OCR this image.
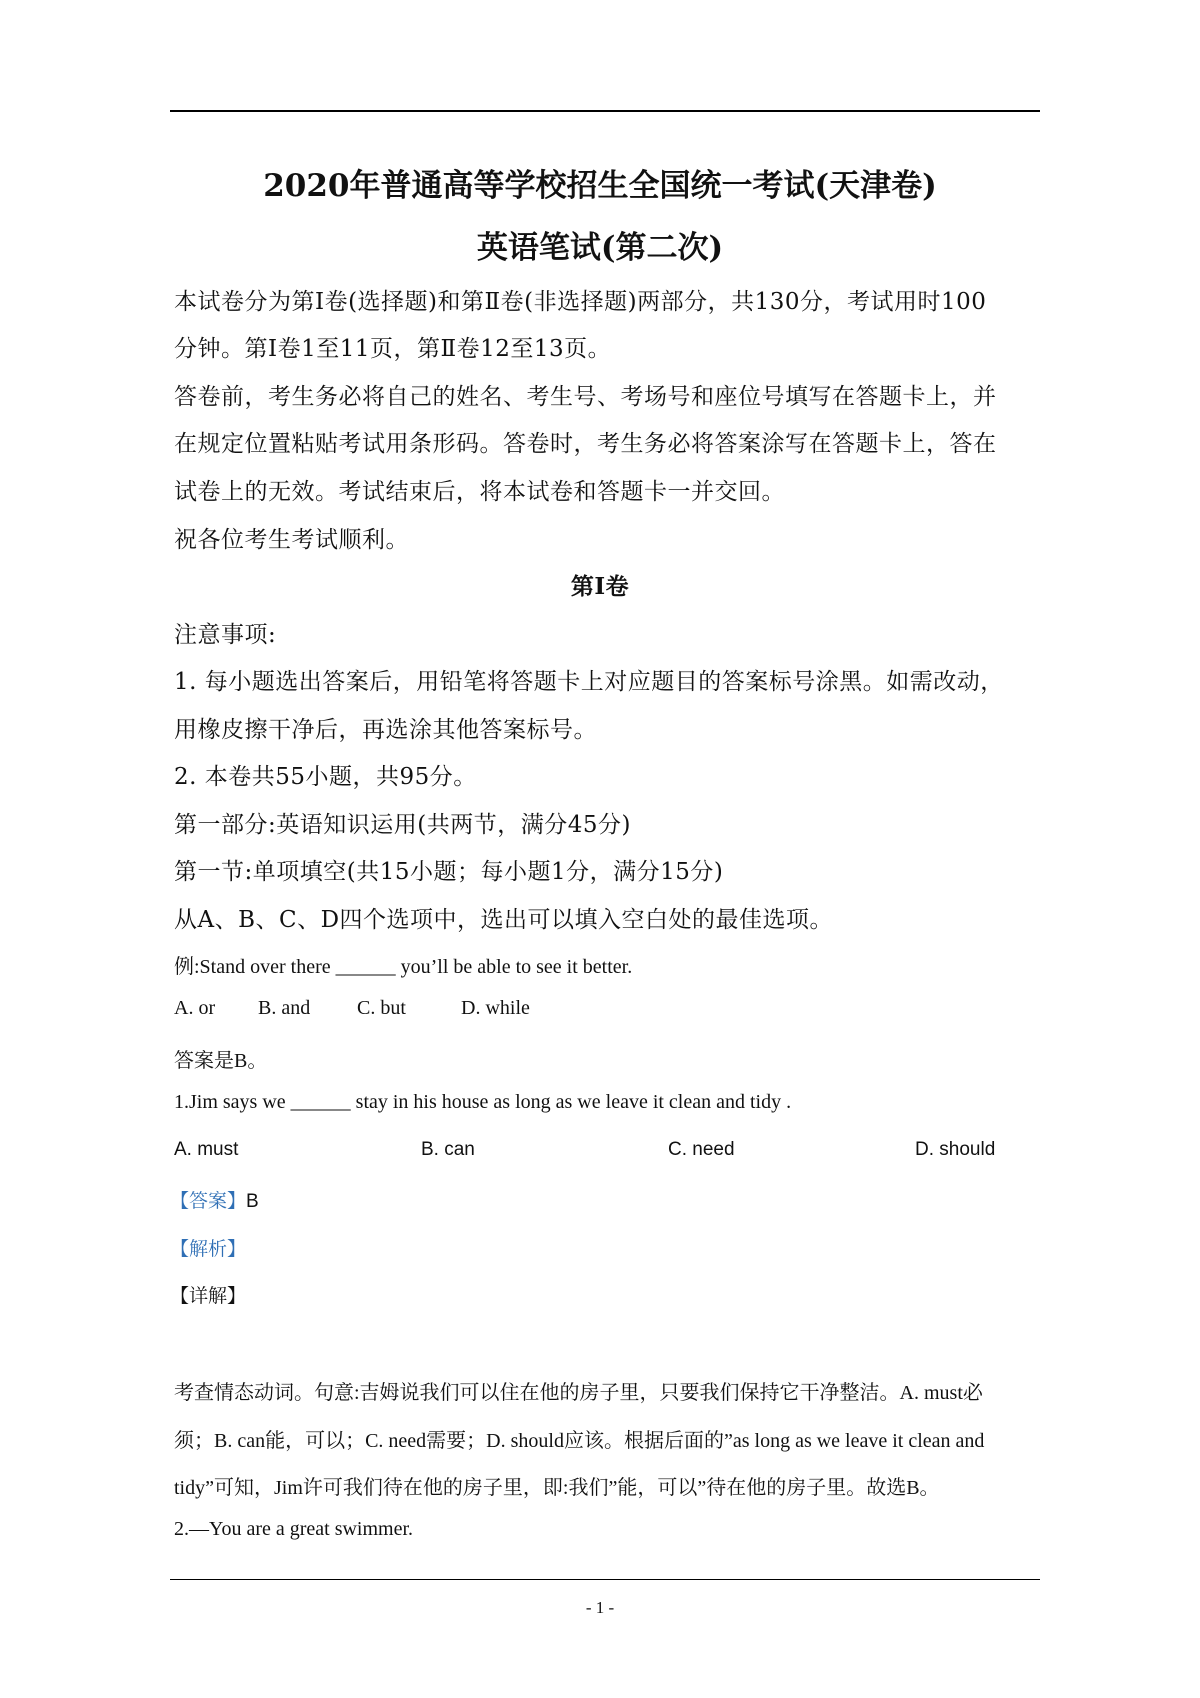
2020年普通高等学校招生全国统一考试(天津卷)
英语笔试(第二次)
本试卷分为第Ⅰ卷(选择题)和第Ⅱ卷(非选择题)两部分，共130分，考试用时100
分钟。第Ⅰ卷1至11页，第Ⅱ卷12至13页。
答卷前，考生务必将自己的姓名、考生号、考场号和座位号填写在答题卡上，并
在规定位置粘贴考试用条形码。答卷时，考生务必将答案涂写在答题卡上，答在
试卷上的无效。考试结束后，将本试卷和答题卡一并交回。
祝各位考生考试顺利。
第Ⅰ卷
注意事项:
1. 每小题选出答案后，用铅笔将答题卡上对应题目的答案标号涂黑。如需改动，
用橡皮擦干净后，再选涂其他答案标号。
2. 本卷共55小题，共95分。
第一部分:英语知识运用(共两节，满分45分)
第一节:单项填空(共15小题；每小题1分，满分15分)
从A、B、C、D四个选项中，选出可以填入空白处的最佳选项。
例:Stand over there ______ you’ll be able to see it better.
A. or B. and C. but	D. while
答案是B。
1.Jim says we ______ stay in his house as long as we leave it clean and tidy .
A. must	B. can	C. need	D. should
【答案】B
【解析】
【详解】
考查情态动词。句意:吉姆说我们可以住在他的房子里，只要我们保持它干净整洁。A. must必
须；B. can能，可以；C. need需要；D. should应该。根据后面的”as long as we leave it clean and
tidy”可知，Jim许可我们待在他的房子里，即:我们”能，可以”待在他的房子里。故选B。
2.—You are a great swimmer.
- 1 -
